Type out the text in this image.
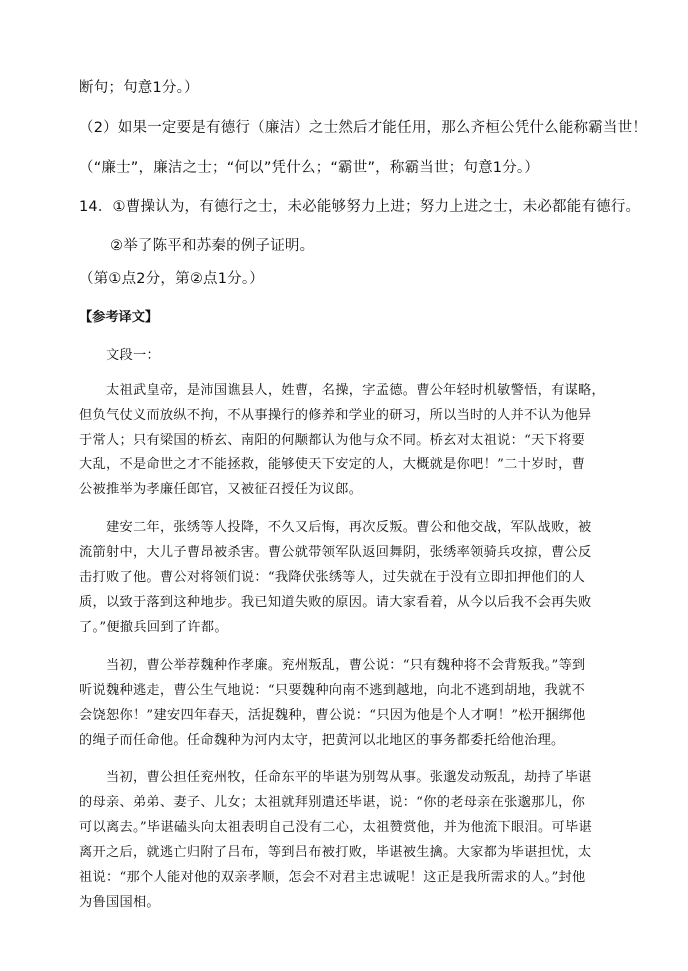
断句；句意1分。）
（2）如果一定要是有德行（廉洁）之士然后才能任用，那么齐桓公凭什么能称霸当世！
（“廉士”，廉洁之士；“何以”凭什么；“霸世”，称霸当世；句意1分。）
14．①曹操认为，有德行之士，未必能够努力上进；努力上进之士，未必都能有德行。
②举了陈平和苏秦的例子证明。
（第①点2分，第②点1分。）
【参考译文】
文段一：
太祖武皇帝，是沛国谯县人，姓曹，名操，字孟德。曹公年轻时机敏警悟，有谋略，
但负气仗义而放纵不拘，不从事操行的修养和学业的研习，所以当时的人并不认为他异
于常人；只有梁国的桥玄、南阳的何颙都认为他与众不同。桥玄对太祖说：“天下将要
大乱，不是命世之才不能拯救，能够使天下安定的人，大概就是你吧！”二十岁时，曹
公被推举为孝廉任郎官，又被征召授任为议郎。
建安二年，张绣等人投降，不久又后悔，再次反叛。曹公和他交战，军队战败，被
流箭射中，大儿子曹昂被杀害。曹公就带领军队返回舞阴，张绣率领骑兵攻掠，曹公反
击打败了他。曹公对将领们说：“我降伏张绣等人，过失就在于没有立即扣押他们的人
质，以致于落到这种地步。我已知道失败的原因。请大家看着，从今以后我不会再失败
了。”便撤兵回到了许都。
当初，曹公举荐魏种作孝廉。兖州叛乱，曹公说：“只有魏种将不会背叛我。”等到
听说魏种逃走，曹公生气地说：“只要魏种向南不逃到越地，向北不逃到胡地，我就不
会饶恕你！”建安四年春天，活捉魏种，曹公说：“只因为他是个人才啊！”松开捆绑他
的绳子而任命他。任命魏种为河内太守，把黄河以北地区的事务都委托给他治理。
当初，曹公担任兖州牧，任命东平的毕谌为别驾从事。张邈发动叛乱，劫持了毕谌
的母亲、弟弟、妻子、儿女；太祖就拜别遣还毕谌，说：“你的老母亲在张邈那儿，你
可以离去。”毕谌磕头向太祖表明自己没有二心，太祖赞赏他，并为他流下眼泪。可毕谌
离开之后，就逃亡归附了吕布，等到吕布被打败，毕谌被生擒。大家都为毕谌担忧，太
祖说：“那个人能对他的双亲孝顺，怎会不对君主忠诚呢！这正是我所需求的人。”封他
为鲁国国相。
